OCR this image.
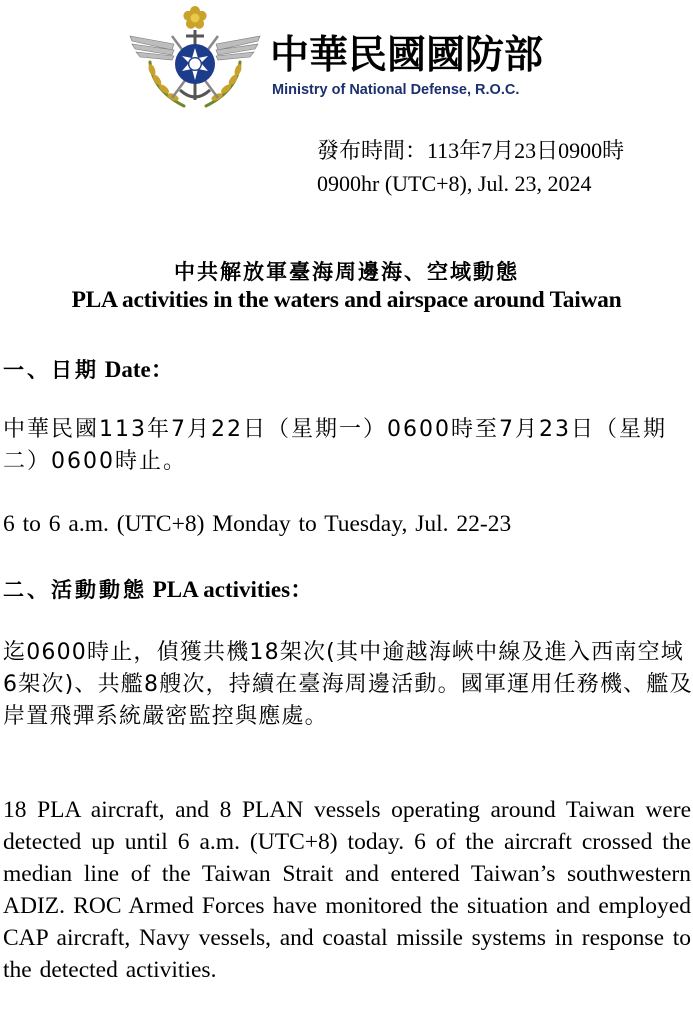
中華民國國防部
Ministry of National Defense, R.O.C.
發布時間：113年7月23日0900時
0900hr (UTC+8), Jul. 23, 2024
中共解放軍臺海周邊海、空域動態
PLA activities in the waters and airspace around Taiwan
一、日期 Date：

中華民國113年7月22日（星期一）0600時至7月23日（星期二）0600時止。

6 to 6 a.m. (UTC+8) Monday to Tuesday, Jul. 22-23

二、活動動態 PLA activities：

迄0600時止，偵獲共機18架次(其中逾越海峽中線及進入西南空域6架次)、共艦8艘次，持續在臺海周邊活動。國軍運用任務機、艦及岸置飛彈系統嚴密監控與應處。

18 PLA aircraft, and 8 PLAN vessels operating around Taiwan were detected up until 6 a.m. (UTC+8) today. 6 of the aircraft crossed the median line of the Taiwan Strait and entered Taiwan’s southwestern ADIZ. ROC Armed Forces have monitored the situation and employed CAP aircraft, Navy vessels, and coastal missile systems in response to the detected activities.
